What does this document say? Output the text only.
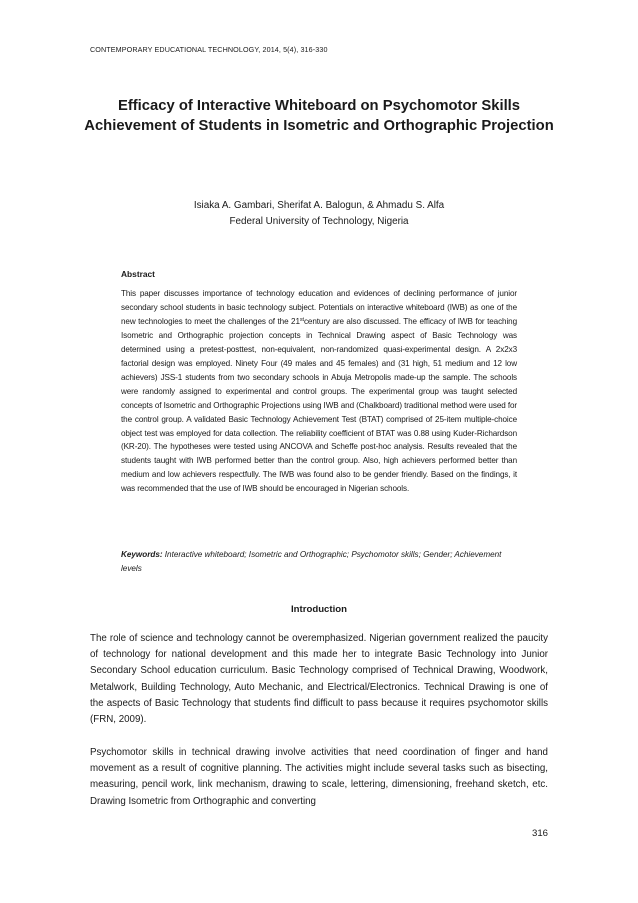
CONTEMPORARY EDUCATIONAL TECHNOLOGY, 2014, 5(4), 316-330
Efficacy of Interactive Whiteboard on Psychomotor Skills Achievement of Students in Isometric and Orthographic Projection
Isiaka A. Gambari, Sherifat A. Balogun, & Ahmadu S. Alfa
Federal University of Technology, Nigeria
Abstract
This paper discusses importance of technology education and evidences of declining performance of junior secondary school students in basic technology subject. Potentials on interactive whiteboard (IWB) as one of the new technologies to meet the challenges of the 21stcentury are also discussed. The efficacy of IWB for teaching Isometric and Orthographic projection concepts in Technical Drawing aspect of Basic Technology was determined using a pretest-posttest, non-equivalent, non-randomized quasi-experimental design. A 2x2x3 factorial design was employed. Ninety Four (49 males and 45 females) and (31 high, 51 medium and 12 low achievers) JSS-1 students from two secondary schools in Abuja Metropolis made-up the sample. The schools were randomly assigned to experimental and control groups. The experimental group was taught selected concepts of Isometric and Orthographic Projections using IWB and (Chalkboard) traditional method were used for the control group. A validated Basic Technology Achievement Test (BTAT) comprised of 25-item multiple-choice object test was employed for data collection. The reliability coefficient of BTAT was 0.88 using Kuder-Richardson (KR-20). The hypotheses were tested using ANCOVA and Scheffe post-hoc analysis. Results revealed that the students taught with IWB performed better than the control group. Also, high achievers performed better than medium and low achievers respectfully. The IWB was found also to be gender friendly. Based on the findings, it was recommended that the use of IWB should be encouraged in Nigerian schools.
Keywords: Interactive whiteboard; Isometric and Orthographic; Psychomotor skills; Gender; Achievement levels
Introduction
The role of science and technology cannot be overemphasized. Nigerian government realized the paucity of technology for national development and this made her to integrate Basic Technology into Junior Secondary School education curriculum. Basic Technology comprised of Technical Drawing, Woodwork, Metalwork, Building Technology, Auto Mechanic, and Electrical/Electronics. Technical Drawing is one of the aspects of Basic Technology that students find difficult to pass because it requires psychomotor skills (FRN, 2009).
Psychomotor skills in technical drawing involve activities that need coordination of finger and hand movement as a result of cognitive planning. The activities might include several tasks such as bisecting, measuring, pencil work, link mechanism, drawing to scale, lettering, dimensioning, freehand sketch, etc. Drawing Isometric from Orthographic and converting
316
